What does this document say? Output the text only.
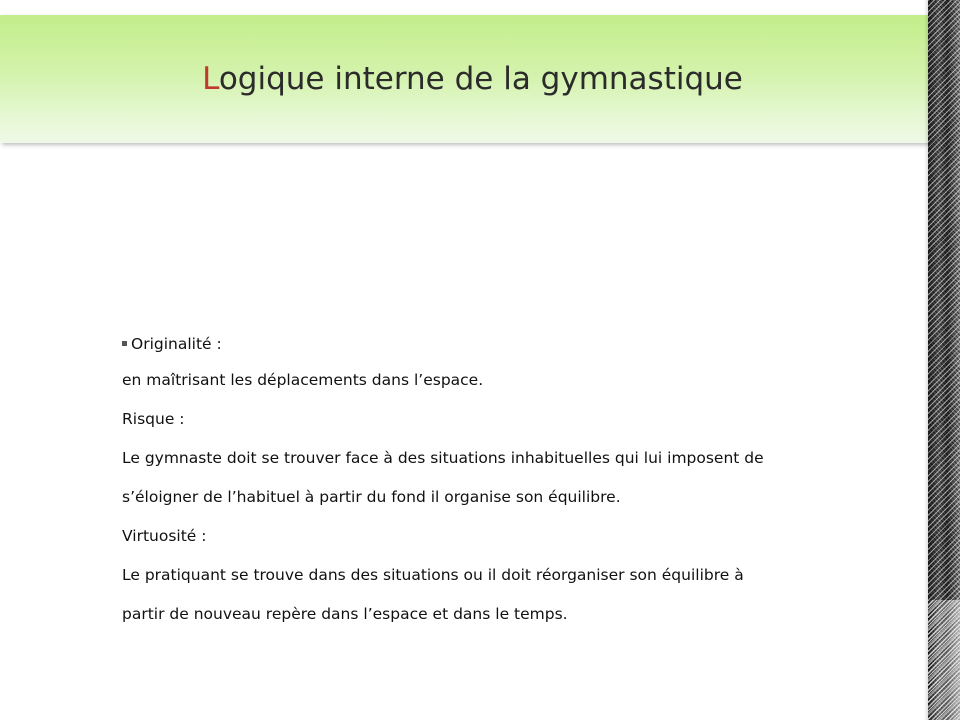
Logique interne de la gymnastique

Originalité :

en maîtrisant les déplacements dans l’espace.

Risque :

Le gymnaste doit se trouver face à des situations inhabituelles qui lui imposent de

s’éloigner de l’habituel à partir du fond il organise son équilibre.

Virtuosité :

Le pratiquant se trouve dans des situations ou il doit réorganiser son équilibre à

partir de nouveau repère dans l’espace et dans le temps.
